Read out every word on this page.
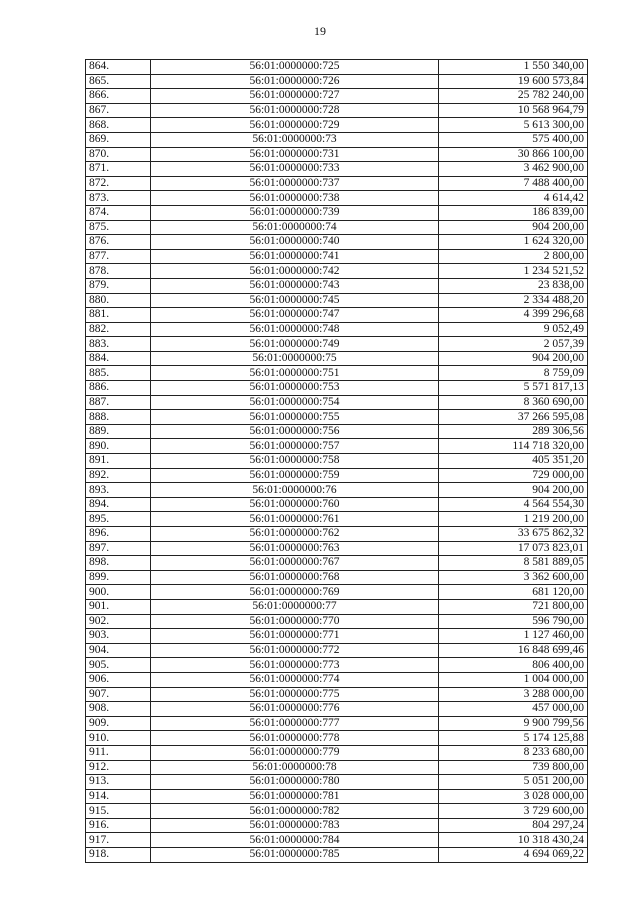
19
864.	56:01:0000000:725	1 550 340,00
865.	56:01:0000000:726	19 600 573,84
866.	56:01:0000000:727	25 782 240,00
867.	56:01:0000000:728	10 568 964,79
868.	56:01:0000000:729	5 613 300,00
869.	56:01:0000000:73	575 400,00
870.	56:01:0000000:731	30 866 100,00
871.	56:01:0000000:733	3 462 900,00
872.	56:01:0000000:737	7 488 400,00
873.	56:01:0000000:738	4 614,42
874.	56:01:0000000:739	186 839,00
875.	56:01:0000000:74	904 200,00
876.	56:01:0000000:740	1 624 320,00
877.	56:01:0000000:741	2 800,00
878.	56:01:0000000:742	1 234 521,52
879.	56:01:0000000:743	23 838,00
880.	56:01:0000000:745	2 334 488,20
881.	56:01:0000000:747	4 399 296,68
882.	56:01:0000000:748	9 052,49
883.	56:01:0000000:749	2 057,39
884.	56:01:0000000:75	904 200,00
885.	56:01:0000000:751	8 759,09
886.	56:01:0000000:753	5 571 817,13
887.	56:01:0000000:754	8 360 690,00
888.	56:01:0000000:755	37 266 595,08
889.	56:01:0000000:756	289 306,56
890.	56:01:0000000:757	114 718 320,00
891.	56:01:0000000:758	405 351,20
892.	56:01:0000000:759	729 000,00
893.	56:01:0000000:76	904 200,00
894.	56:01:0000000:760	4 564 554,30
895.	56:01:0000000:761	1 219 200,00
896.	56:01:0000000:762	33 675 862,32
897.	56:01:0000000:763	17 073 823,01
898.	56:01:0000000:767	8 581 889,05
899.	56:01:0000000:768	3 362 600,00
900.	56:01:0000000:769	681 120,00
901.	56:01:0000000:77	721 800,00
902.	56:01:0000000:770	596 790,00
903.	56:01:0000000:771	1 127 460,00
904.	56:01:0000000:772	16 848 699,46
905.	56:01:0000000:773	806 400,00
906.	56:01:0000000:774	1 004 000,00
907.	56:01:0000000:775	3 288 000,00
908.	56:01:0000000:776	457 000,00
909.	56:01:0000000:777	9 900 799,56
910.	56:01:0000000:778	5 174 125,88
911.	56:01:0000000:779	8 233 680,00
912.	56:01:0000000:78	739 800,00
913.	56:01:0000000:780	5 051 200,00
914.	56:01:0000000:781	3 028 000,00
915.	56:01:0000000:782	3 729 600,00
916.	56:01:0000000:783	804 297,24
917.	56:01:0000000:784	10 318 430,24
918.	56:01:0000000:785	4 694 069,22
